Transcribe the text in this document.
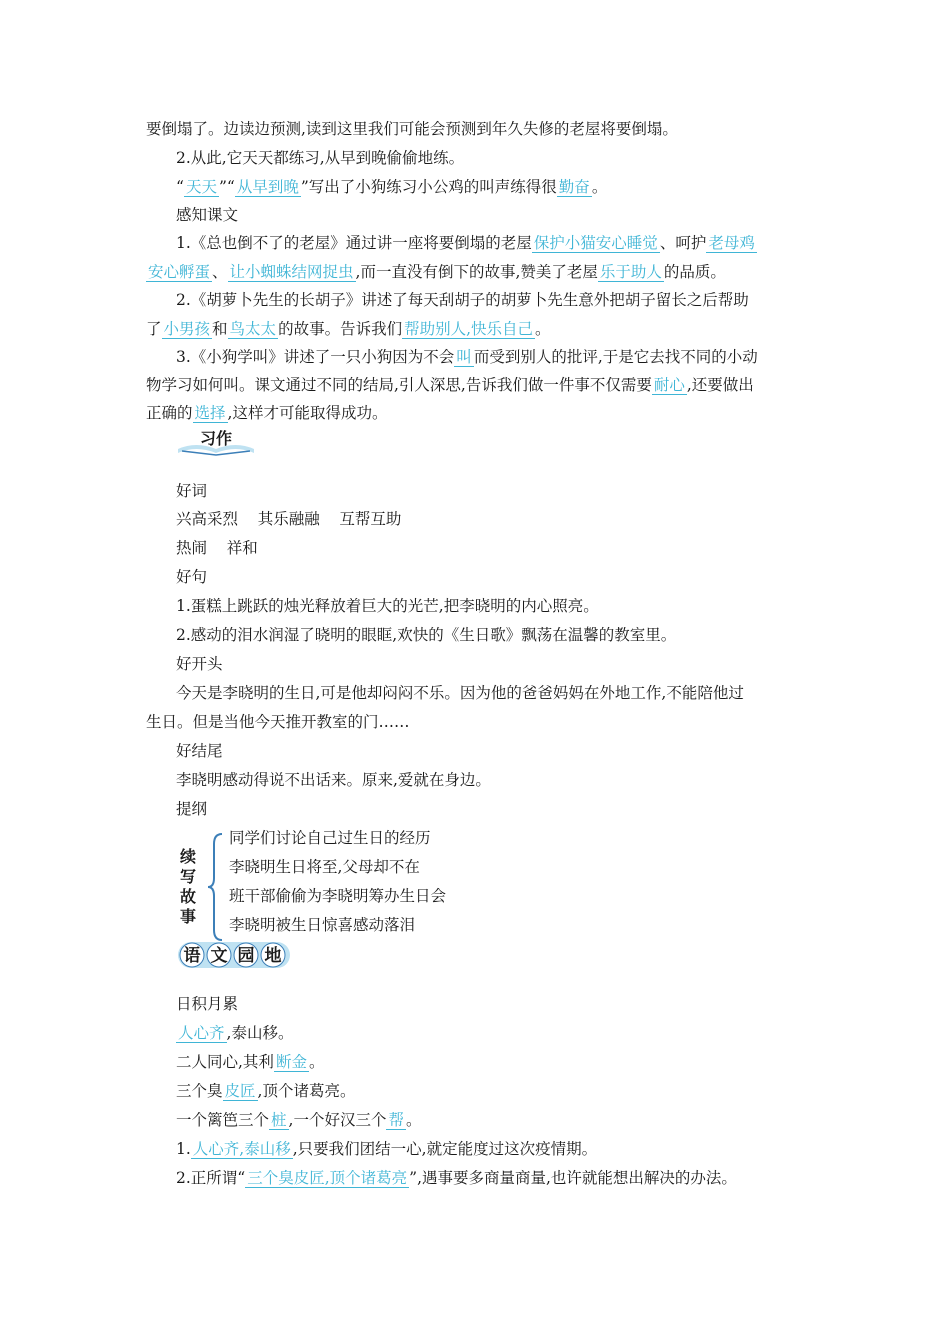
要倒塌了。边读边预测,读到这里我们可能会预测到年久失修的老屋将要倒塌。
2.从此,它天天都练习,从早到晚偷偷地练。
“ 天天 ”“ 从早到晚 ”写出了小狗练习小公鸡的叫声练得很 勤奋 。
感知课文
1.《总也倒不了的老屋》通过讲一座将要倒塌的老屋 保护小猫安心睡觉 、呵护 老母鸡
安心孵蛋 、 让小蜘蛛结网捉虫 ,而一直没有倒下的故事,赞美了老屋 乐于助人 的品质。
2.《胡萝卜先生的长胡子》讲述了每天刮胡子的胡萝卜先生意外把胡子留长之后帮助
了 小男孩 和 鸟太太 的故事。告诉我们 帮助别人,快乐自己 。
3.《小狗学叫》讲述了一只小狗因为不会 叫 而受到别人的批评,于是它去找不同的小动
物学习如何叫。课文通过不同的结局,引人深思,告诉我们做一件事不仅需要 耐心 ,还要做出
正确的 选择 ,这样才可能取得成功。
习作
好词
兴高采烈    其乐融融    互帮互助
热闹    祥和
好句
1.蛋糕上跳跃的烛光释放着巨大的光芒,把李晓明的内心照亮。
2.感动的泪水润湿了晓明的眼眶,欢快的《生日歌》飘荡在温馨的教室里。
好开头
今天是李晓明的生日,可是他却闷闷不乐。因为他的爸爸妈妈在外地工作,不能陪他过
生日。但是当他今天推开教室的门……
好结尾
李晓明感动得说不出话来。原来,爱就在身边。
提纲
续
写
故
事
同学们讨论自己过生日的经历
李晓明生日将至,父母却不在
班干部偷偷为李晓明筹办生日会
李晓明被生日惊喜感动落泪
语 文 园 地
日积月累
人心齐 ,泰山移。
二人同心,其利 断金 。
三个臭 皮匠 ,顶个诸葛亮。
一个篱笆三个 桩 ,一个好汉三个 帮 。
1. 人心齐,泰山移 ,只要我们团结一心,就定能度过这次疫情期。
2.正所谓“ 三个臭皮匠,顶个诸葛亮 ”,遇事要多商量商量,也许就能想出解决的办法。
